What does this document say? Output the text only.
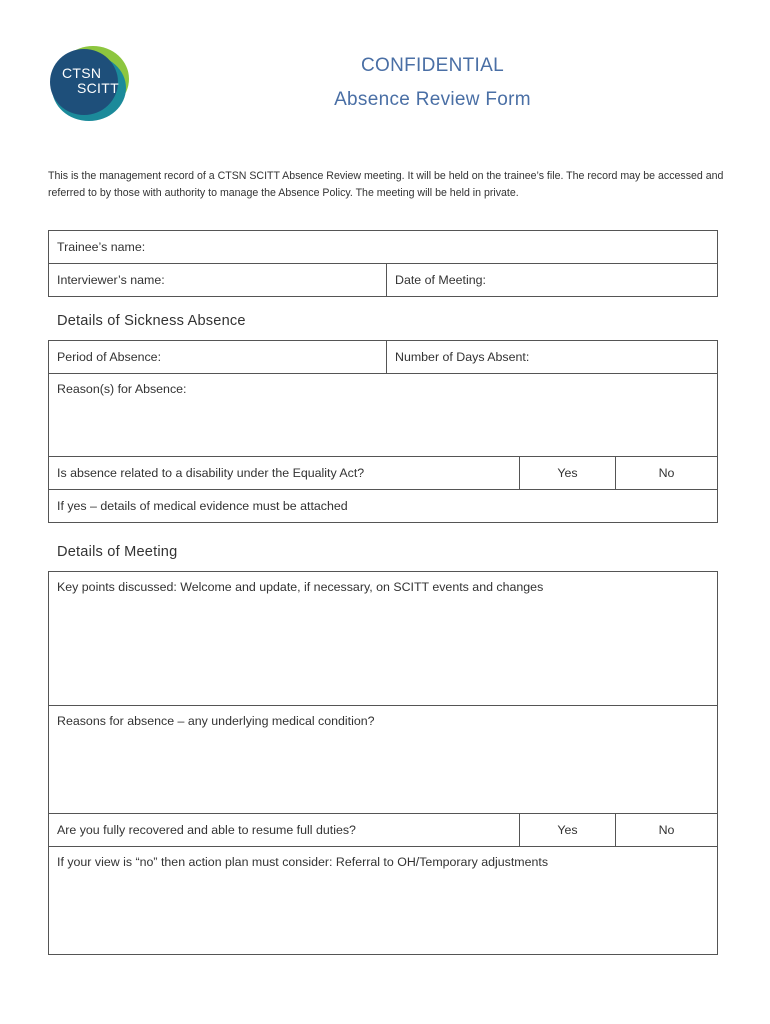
CTSN
SCITT
CONFIDENTIAL
Absence Review Form
This is the management record of a CTSN SCITT Absence Review meeting. It will be held on the trainee’s file. The record may be accessed and referred to by those with authority to manage the Absence Policy. The meeting will be held in private.
Trainee’s name:
Interviewer’s name:	Date of Meeting:
Details of Sickness Absence
Period of Absence:	Number of Days Absent:		
Reason(s) for Absence:			
Is absence related to a disability under the Equality Act?		Yes	No
If yes – details of medical evidence must be attached			
Details of Meeting
Key points discussed: Welcome and update, if necessary, on SCITT events and changes
Reasons for absence – any underlying medical condition?
Are you fully recovered and able to resume full duties?	Yes	No
If your view is “no” then action plan must consider: Referral to OH/Temporary adjustments
